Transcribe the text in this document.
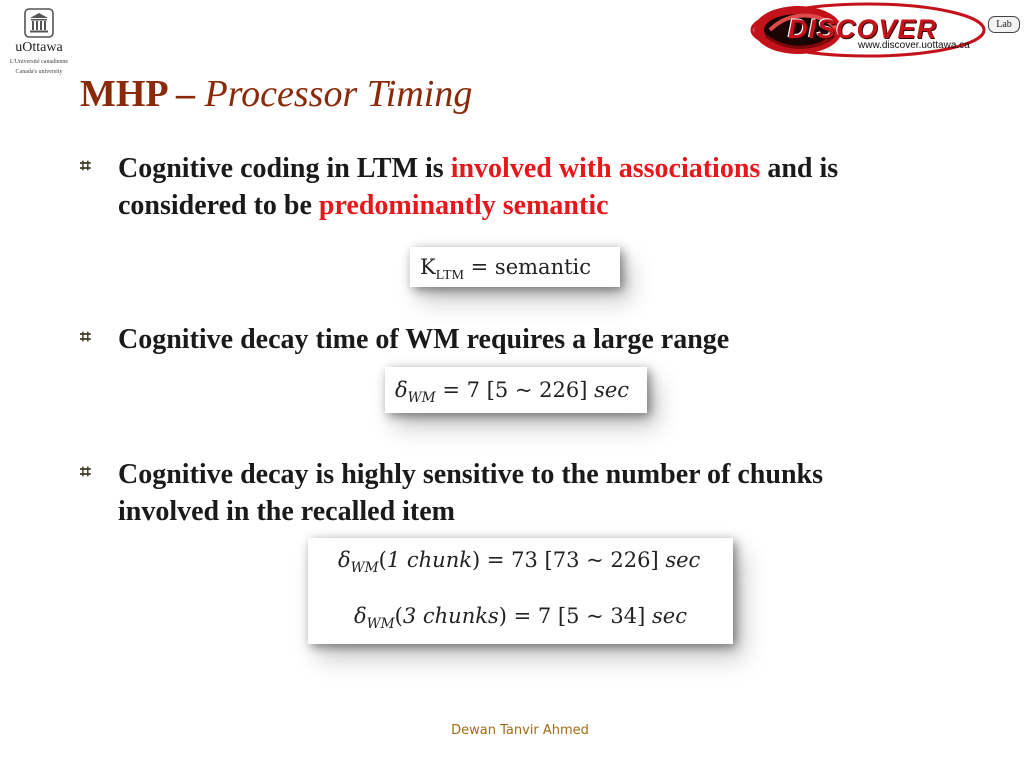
uOttawa
L'Université canadienne
Canada's university
DISCOVER	Lab
www.discover.uottawa.ca
MHP – Processor Timing
⌗ Cognitive coding in LTM is involved with associations and is considered to be predominantly semantic
$K_{LTM}$ = semantic
⌗ Cognitive decay time of WM requires a large range
$\delta_{WM} = 7$ [5 ~ 226] sec
⌗ Cognitive decay is highly sensitive to the number of chunks involved in the recalled item
$\delta_{WM}(1$ chunk) = 73 [73 ~ 226] sec
$\delta_{WM}(3$ chunks) = 7 [5 ~ 34] sec
Dewan Tanvir Ahmed
